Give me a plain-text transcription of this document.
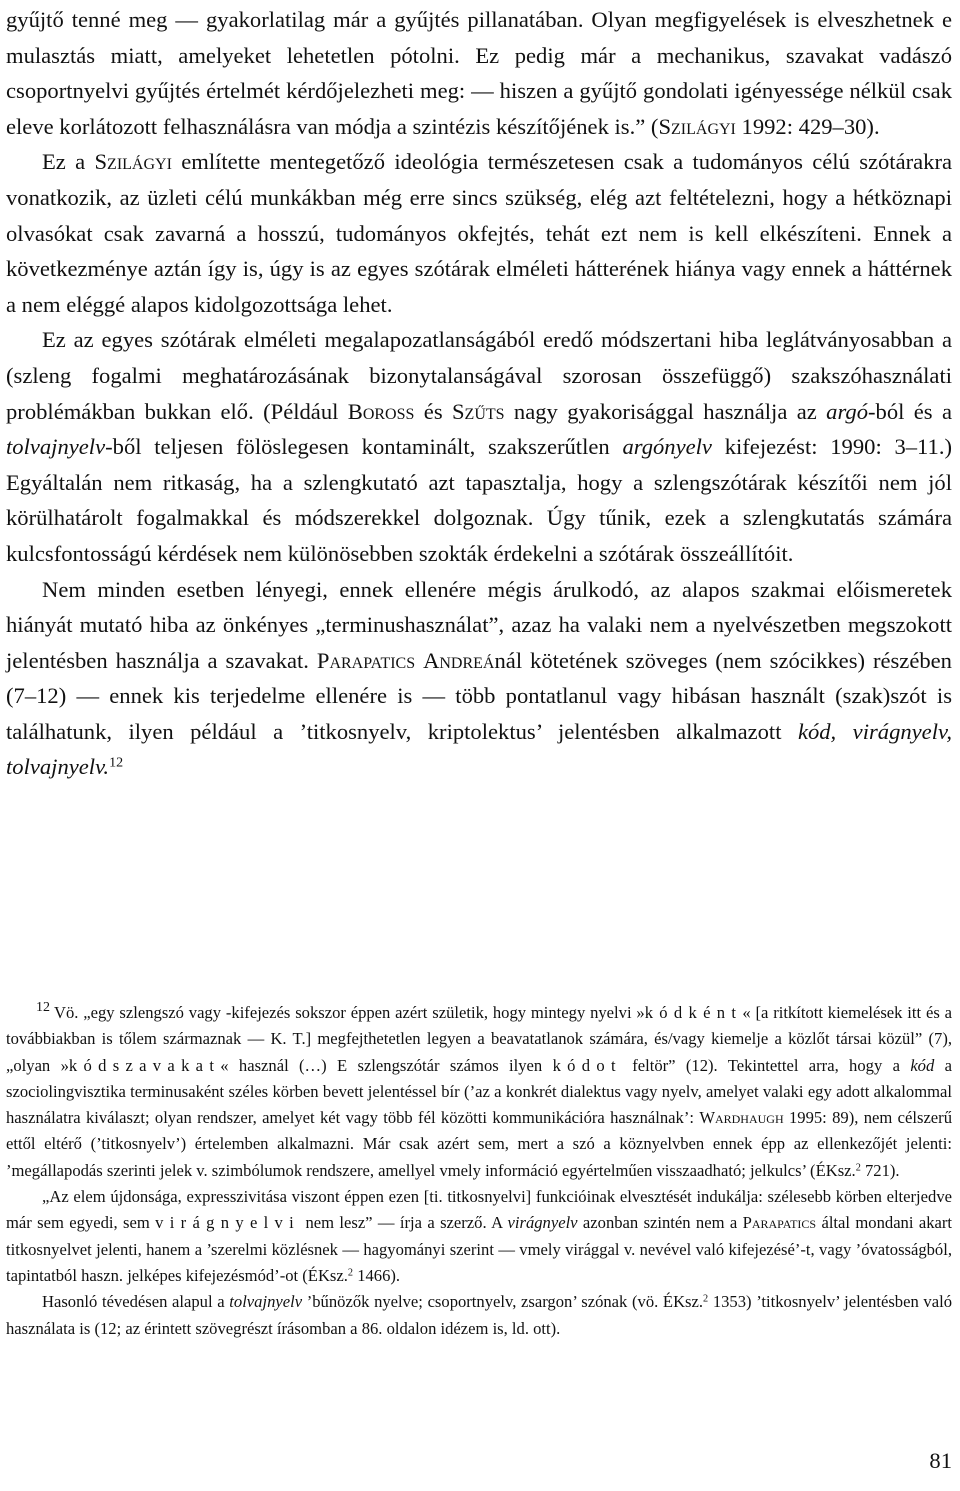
gyűjtő tenné meg — gyakorlatilag már a gyűjtés pillanatában. Olyan megfigyelések is elveszhetnek e mulasztás miatt, amelyeket lehetetlen pótolni. Ez pedig már a mechanikus, szavakat vadászó csoportnyelvi gyűjtés értelmét kérdőjelezheti meg: — hiszen a gyűjtő gondolati igényessége nélkül csak eleve korlátozott felhasználásra van módja a szintézis készítőjének is.” (Szilágyi 1992: 429–30).

Ez a Szilágyi említette mentegetőző ideológia természetesen csak a tudományos célú szótárakra vonatkozik, az üzleti célú munkákban még erre sincs szükség, elég azt feltételezni, hogy a hétköznapi olvasókat csak zavarná a hosszú, tudományos okfejtés, tehát ezt nem is kell elkészíteni. Ennek a következménye aztán így is, úgy is az egyes szótárak elméleti hátterének hiánya vagy ennek a háttérnek a nem eléggé alapos kidolgozottsága lehet.

Ez az egyes szótárak elméleti megalapozatlanságából eredő módszertani hiba leglátványosabban a (szleng fogalmi meghatározásának bizonytalanságával szorosan összefüggő) szakszóhasználati problémákban bukkan elő. (Például Boross és Szűts nagy gyakorisággal használja az argó-ból és a tolvajnyelv-ből teljesen fölöslegesen kontaminált, szakszerűtlen argónyelv kifejezést: 1990: 3–11.) Egyáltalán nem ritkaság, ha a szlengkutató azt tapasztalja, hogy a szlengszótárak készítői nem jól körülhatárolt fogalmakkal és módszerekkel dolgoznak. Úgy tűnik, ezek a szlengkutatás számára kulcsfontosságú kérdések nem különösebben szokták érdekelni a szótárak összeállítóit.

Nem minden esetben lényegi, ennek ellenére mégis árulkodó, az alapos szakmai előismeretek hiányát mutató hiba az önkényes „terminushasználat”, azaz ha valaki nem a nyelvészetben megszokott jelentésben használja a szavakat. Parapatics Andreánál kötetének szöveges (nem szócikkes) részében (7–12) — ennek kis terjedelme ellenére is — több pontatlanul vagy hibásan használt (szak)szót is találhatunk, ilyen például a ’titkosnyelv, kriptolektus’ jelentésben alkalmazott kód, virágnyelv, tolvajnyelv.$^{12}$

$^{12}$ Vö. „egy szlengszó vagy -kifejezés sokszor éppen azért születik, hogy mintegy nyelvi »kódként« [a ritkított kiemelések itt és a továbbiakban is tőlem származnak — K. T.] megfejthetetlen legyen a beavatatlanok számára, és/vagy kiemelje a közlőt társai közül” (7), „olyan »kódszavakat« használ (…) E szlengszótár számos ilyen kódot feltör” (12). Tekintettel arra, hogy a kód a szociolingvisztika terminusaként széles körben bevett jelentéssel bír (’az a konkrét dialektus vagy nyelv, amelyet valaki egy adott alkalommal használatra kiválaszt; olyan rendszer, amelyet két vagy több fél közötti kommunikációra használnak’: Wardhaugh 1995: 89), nem célszerű ettől eltérő (’titkosnyelv’) értelemben alkalmazni. Már csak azért sem, mert a szó a köznyelvben ennek épp az ellenkezőjét jelenti: ’megállapodás szerinti jelek v. szimbólumok rendszere, amellyel vmely információ egyértelműen visszaadható; jelkulcs’ (ÉKsz.$^2$ 721).

„Az elem újdonsága, expresszivitása viszont éppen ezen [ti. titkosnyelvi] funkcióinak elvesztését indukálja: szélesebb körben elterjedve már sem egyedi, sem virágnyelvi nem lesz” — írja a szerző. A virágnyelv azonban szintén nem a Parapatics által mondani akart titkosnyelvet jelenti, hanem a ’szerelmi közlésnek — hagyományi szerint — vmely virággal v. nevével való kifejezésé’-t, vagy ’óvatosságból, tapintatból haszn. jelképes kifejezésmód’-ot (ÉKsz.$^2$ 1466).

Hasonló tévedésen alapul a tolvajnyelv ’bűnözők nyelve; csoportnyelv, zsargon’ szónak (vö. ÉKsz.$^2$ 1353) ’titkosnyelv’ jelentésben való használata is (12; az érintett szövegrészt írásomban a 86. oldalon idézem is, ld. ott).

81
